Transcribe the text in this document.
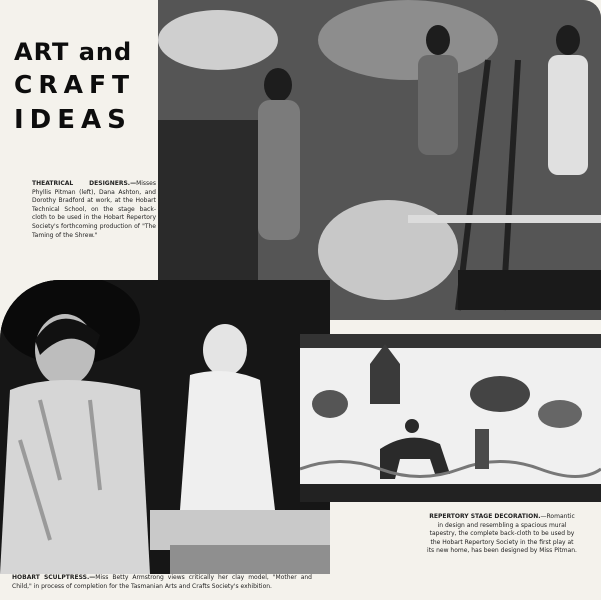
ART and
CRAFT
IDEAS
THEATRICAL DESIGNERS.—Misses Phyllis Pitman (left), Dana Ashton, and Dorothy Bradford at work, at the Hobart Technical School, on the stage back-cloth to be used in the Hobart Repertory Society's forthcoming production of "The Taming of the Shrew."
REPERTORY STAGE DECORATION.—Romantic in design and resembling a spacious mural tapestry, the complete back-cloth to be used by the Hobart Repertory Society in the first play at its new home, has been designed by Miss Pitman.
HOBART SCULPTRESS.—Miss Betty Armstrong views critically her clay model, "Mother and Child," in process of completion for the Tasmanian Arts and Crafts Society's exhibition.
